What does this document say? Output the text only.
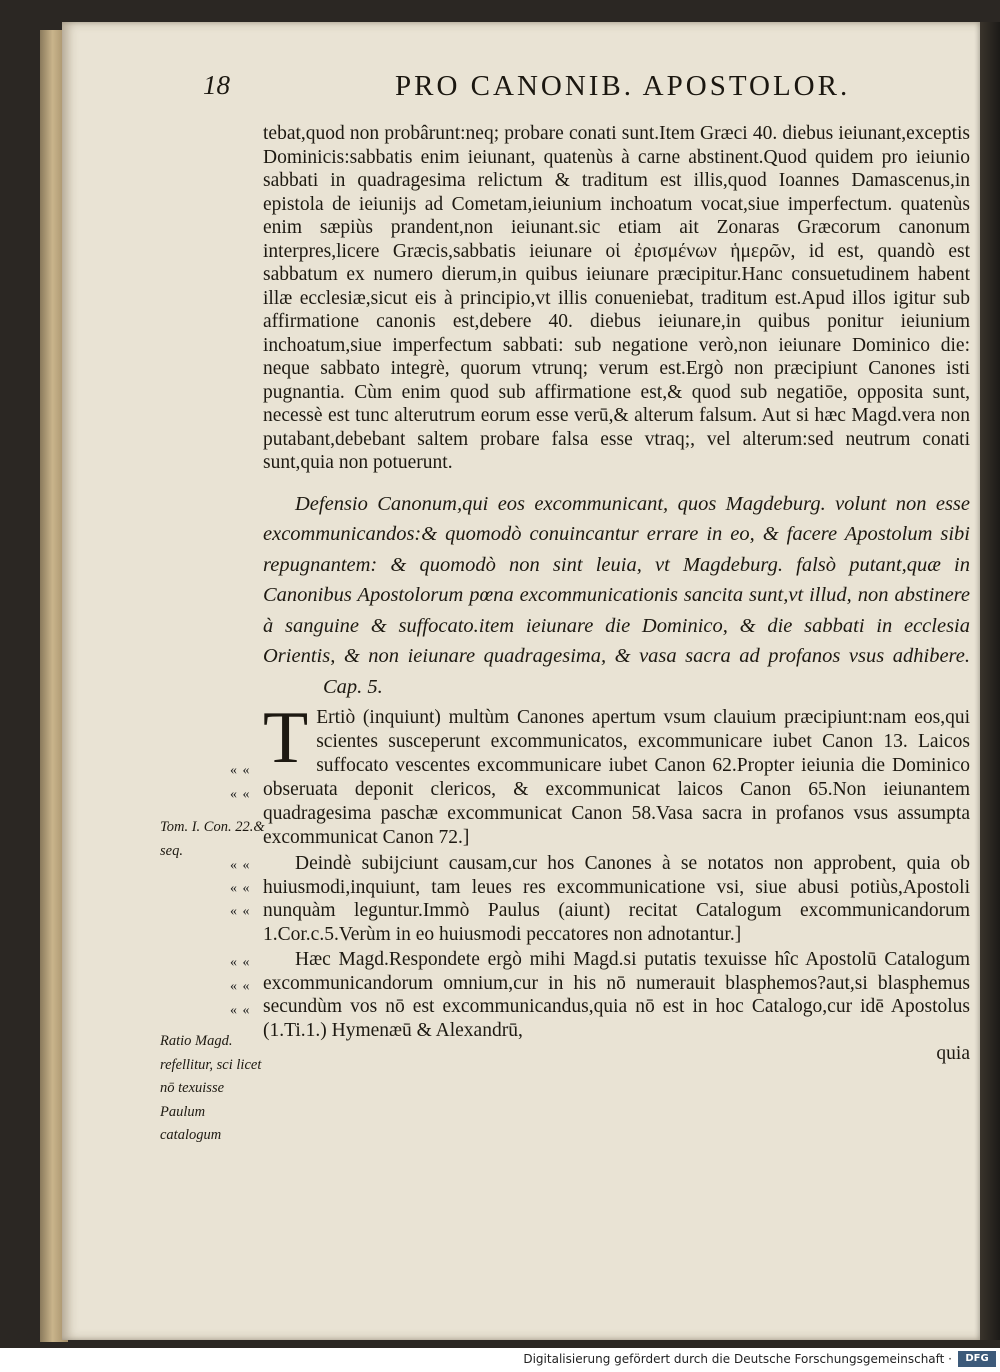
18	PRO CANONIB. APOSTOLOR.
« «
« «
« «
« «
« «
« «
« «
« «
Tom. I. Con. 22.& seq.
Ratio Magd. refellitur, sci licet nō texuisse Paulum catalogum

tebat,quod non probârunt:neq; probare conati sunt.Item Græci 40. diebus ieiunant,exceptis Dominicis:sabbatis enim ieiunant, quatenùs à carne abstinent.Quod quidem pro ieiunio sabbati in quadragesima relictum & traditum est illis,quod Ioannes Damascenus,in epistola de ieiunijs ad Cometam,ieiunium inchoatum vocat,siue imperfectum. quatenùs enim sæpiùs prandent,non ieiunant.sic etiam ait Zonaras Græcorum canonum interpres,licere Græcis,sabbatis ieiunare οἱ ἐρισμένων ἡμερῶν, id est, quandò est sabbatum ex numero dierum,in quibus ieiunare præcipitur.Hanc consuetudinem habent illæ ecclesiæ,sicut eis à principio,vt illis conueniebat, traditum est.Apud illos igitur sub affirmatione canonis est,debere 40. diebus ieiunare,in quibus ponitur ieiunium inchoatum,siue imperfectum sabbati: sub negatione verò,non ieiunare Dominico die: neque sabbato integrè, quorum vtrunq; verum est.Ergò non præcipiunt Canones isti pugnantia. Cùm enim quod sub affirmatione est,& quod sub negatiōe, opposita sunt, necessè est tunc alterutrum eorum esse verū,& alterum falsum. Aut si hæc Magd.vera non putabant,debebant saltem probare falsa esse vtraq;, vel alterum:sed neutrum conati sunt,quia non potuerunt.

Defensio Canonum,qui eos excommunicant, quos Magdeburg. volunt non esse excommunicandos:& quomodò conuincantur errare in eo, & facere Apostolum sibi repugnantem: & quomodò non sint leuia, vt Magdeburg. falsò putant,quæ in Canonibus Apostolorum pœna excommunicationis sancita sunt,vt illud, non abstinere à sanguine & suffocato.item ieiunare die Dominico, & die sabbati in ecclesia Orientis, & non ieiunare quadragesima, & vasa sacra ad profanos vsus adhibere. Cap. 5.

T Ertiò (inquiunt) multùm Canones apertum vsum clauium præcipiunt:nam eos,qui scientes susceperunt excommunicatos, excommunicare iubet Canon 13. Laicos suffocato vescentes excommunicare iubet Canon 62.Propter ieiunia die Dominico obseruata deponit clericos, & excommunicat laicos Canon 65.Non ieiunantem quadragesima paschæ excommunicat Canon 58.Vasa sacra in profanos vsus assumpta excommunicat Canon 72.]

Deindè subijciunt causam,cur hos Canones à se notatos non approbent, quia ob huiusmodi,inquiunt, tam leues res excommunicatione vsi, siue abusi potiùs,Apostoli nunquàm leguntur.Immò Paulus (aiunt) recitat Catalogum excommunicandorum 1.Cor.c.5.Verùm in eo huiusmodi peccatores non adnotantur.]

Hæc Magd.Respondete ergò mihi Magd.si putatis texuisse hîc Apostolū Catalogum excommunicandorum omnium,cur in his nō numerauit blasphemos?aut,si blasphemus secundùm vos nō est excommunicandus,quia nō est in hoc Catalogo,cur idē Apostolus (1.Ti.1.) Hymenæū & Alexandrū,

quia

Digitalisierung gefördert durch die Deutsche Forschungsgemeinschaft ·	DFG
